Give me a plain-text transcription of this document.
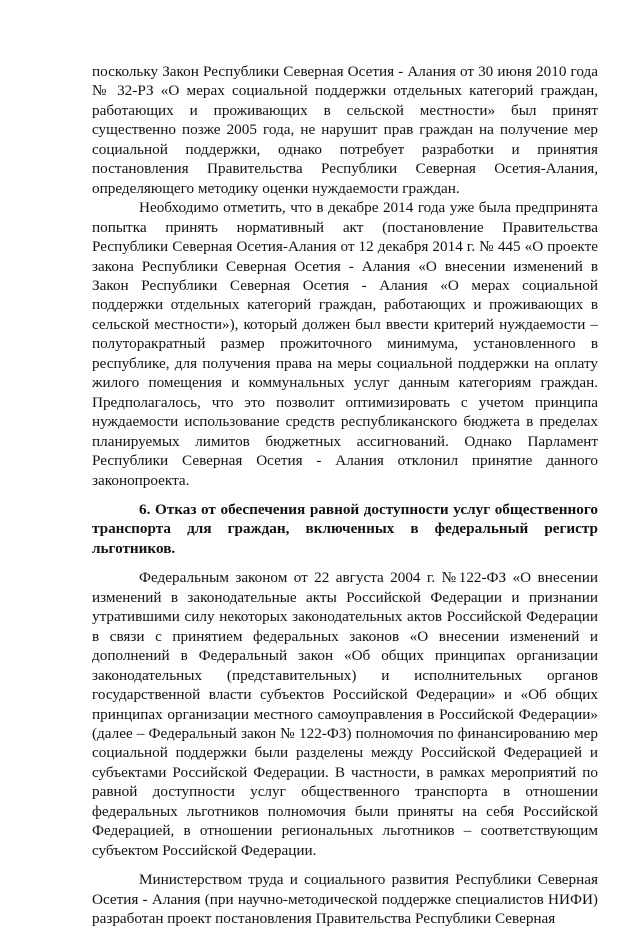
поскольку Закон Республики Северная Осетия - Алания от 30 июня 2010 года № 32-РЗ «О мерах социальной поддержки отдельных категорий граждан, работающих и проживающих в сельской местности» был принят существенно позже 2005 года, не нарушит прав граждан на получение мер социальной поддержки, однако потребует разработки и принятия постановления Правительства Республики Северная Осетия-Алания, определяющего методику оценки нуждаемости граждан.

Необходимо отметить, что в декабре 2014 года уже была предпринята попытка принять нормативный акт (постановление Правительства Республики Северная Осетия-Алания от 12 декабря 2014 г. № 445 «О проекте закона Республики Северная Осетия - Алания «О внесении изменений в Закон Республики Северная Осетия - Алания «О мерах социальной поддержки отдельных категорий граждан, работающих и проживающих в сельской местности»), который должен был ввести критерий нуждаемости – полуторакратный размер прожиточного минимума, установленного в республике, для получения права на меры социальной поддержки на оплату жилого помещения и коммунальных услуг данным категориям граждан. Предполагалось, что это позволит оптимизировать с учетом принципа нуждаемости использование средств республиканского бюджета в пределах планируемых лимитов бюджетных ассигнований. Однако Парламент Республики Северная Осетия - Алания отклонил принятие данного законопроекта.

6. Отказ от обеспечения равной доступности услуг общественного транспорта для граждан, включенных в федеральный регистр льготников.

Федеральным законом от 22 августа 2004 г. №122-ФЗ «О внесении изменений в законодательные акты Российской Федерации и признании утратившими силу некоторых законодательных актов Российской Федерации в связи с принятием федеральных законов «О внесении изменений и дополнений в Федеральный закон «Об общих принципах организации законодательных (представительных) и исполнительных органов государственной власти субъектов Российской Федерации» и «Об общих принципах организации местного самоуправления в Российской Федерации» (далее – Федеральный закон № 122-ФЗ) полномочия по финансированию мер социальной поддержки были разделены между Российской Федерацией и субъектами Российской Федерации. В частности, в рамках мероприятий по равной доступности услуг общественного транспорта в отношении федеральных льготников полномочия были приняты на себя Российской Федерацией, в отношении региональных льготников – соответствующим субъектом Российской Федерации.

Министерством труда и социального развития Республики Северная Осетия - Алания (при научно-методической поддержке специалистов НИФИ) разработан проект постановления Правительства Республики Северная
